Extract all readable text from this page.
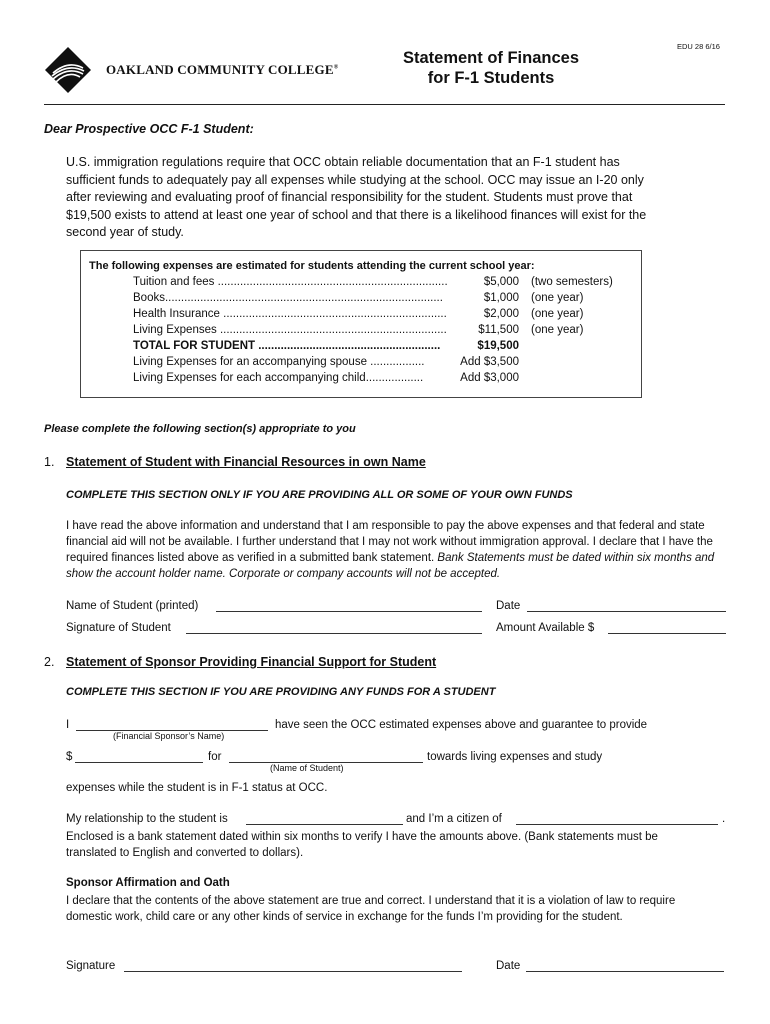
OAKLAND COMMUNITY COLLEGE®
EDU 28 6/16
Statement of Finances
for F-1 Students
Dear Prospective OCC F-1 Student:
U.S. immigration regulations require that OCC obtain reliable documentation that an F-1 student has sufficient funds to adequately pay all expenses while studying at the school. OCC may issue an I-20 only after reviewing and evaluating proof of financial responsibility for the student. Students must prove that $19,500 exists to attend at least one year of school and that there is a likelihood finances will exist for the second year of study.
The following expenses are estimated for students attending the current school year:
Tuition and fees ........................................................................	$5,000 (two semesters)
Books.......................................................................................	$1,000 (one year)
Health Insurance ......................................................................	$2,000 (one year)
Living Expenses .......................................................................	$11,500 (one year)
TOTAL FOR STUDENT .........................................................	$19,500
Living Expenses for an accompanying spouse .................	Add $3,500
Living Expenses for each accompanying child..................	Add $3,000
Please complete the following section(s) appropriate to you
1. Statement of Student with Financial Resources in own Name
COMPLETE THIS SECTION ONLY IF YOU ARE PROVIDING ALL OR SOME OF YOUR OWN FUNDS
I have read the above information and understand that I am responsible to pay the above expenses and that federal and state financial aid will not be available. I further understand that I may not work without immigration approval. I declare that I have the required finances listed above as verified in a submitted bank statement. Bank Statements must be dated within six months and show the account holder name. Corporate or company accounts will not be accepted.
Name of Student (printed)	Date
Signature of Student	Amount Available $
2. Statement of Sponsor Providing Financial Support for Student
COMPLETE THIS SECTION IF YOU ARE PROVIDING ANY FUNDS FOR A STUDENT
I
(Financial Sponsor’s Name)
have seen the OCC estimated expenses above and guarantee to provide
$	for
(Name of Student)
towards living expenses and study
expenses while the student is in F-1 status at OCC.
My relationship to the student is	and I’m a citizen of	.
Enclosed is a bank statement dated within six months to verify I have the amounts above. (Bank statements must be translated to English and converted to dollars).
Sponsor Affirmation and Oath
I declare that the contents of the above statement are true and correct. I understand that it is a violation of law to require domestic work, child care or any other kinds of service in exchange for the funds I’m providing for the student.
Signature	Date
